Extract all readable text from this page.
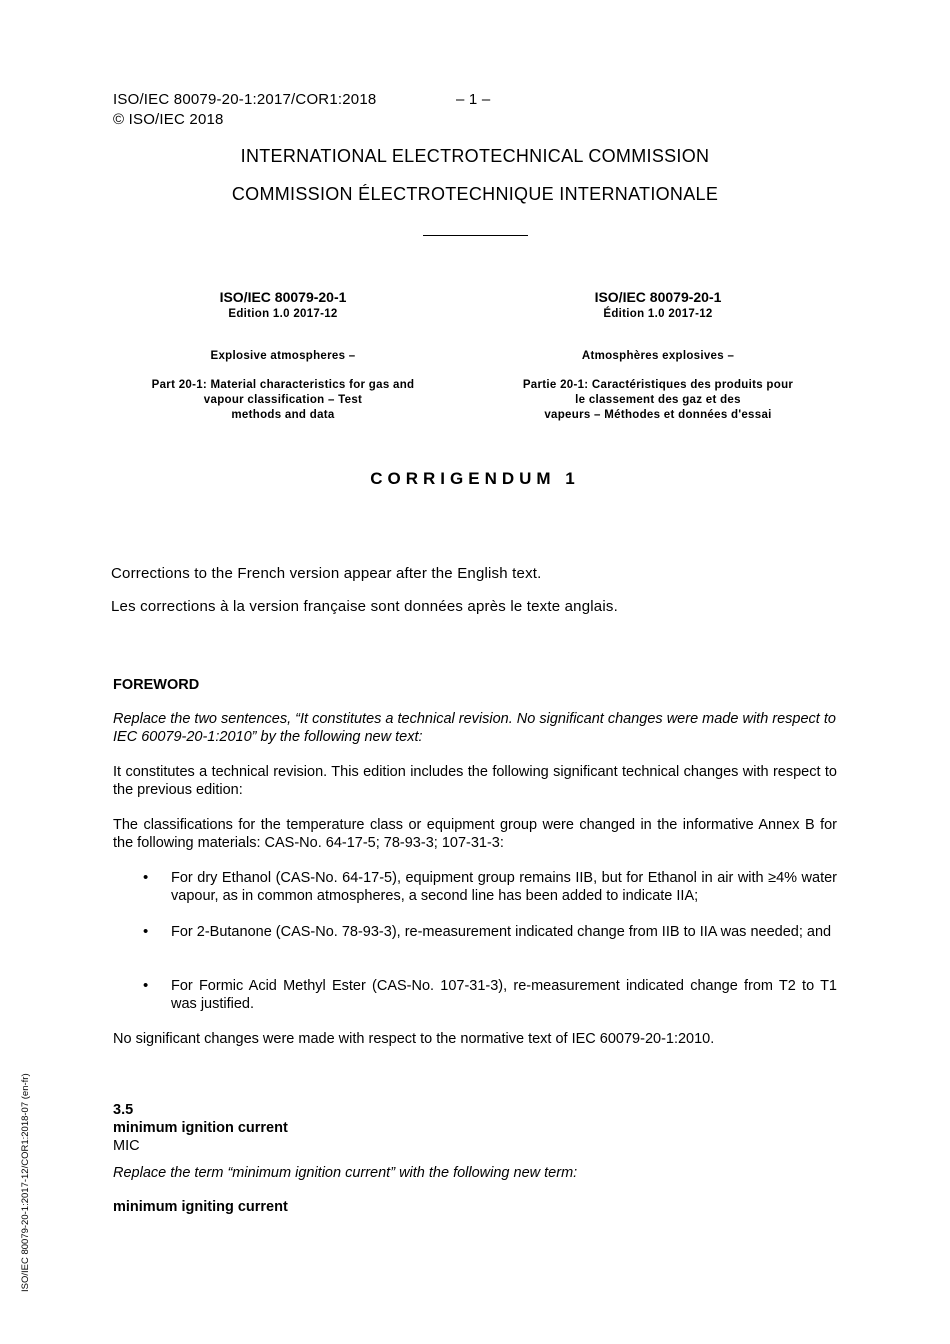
ISO/IEC 80079-20-1:2017/COR1:2018	– 1 –
© ISO/IEC 2018
INTERNATIONAL ELECTROTECHNICAL COMMISSION
COMMISSION ÉLECTROTECHNIQUE INTERNATIONALE
ISO/IEC 80079-20-1
Edition 1.0 2017-12
Explosive atmospheres –
Part 20-1: Material characteristics for gas and
vapour classification – Test
methods and data
ISO/IEC 80079-20-1
Édition 1.0 2017-12
Atmosphères explosives –
Partie 20-1: Caractéristiques des produits pour
le classement des gaz et des
vapeurs – Méthodes et données d'essai
CORRIGENDUM 1
Corrections to the French version appear after the English text.
Les corrections à la version française sont données après le texte anglais.
FOREWORD
Replace the two sentences, “It constitutes a technical revision. No significant changes were made with respect to IEC 60079-20-1:2010” by the following new text:
It constitutes a technical revision. This edition includes the following significant technical changes with respect to the previous edition:
The classifications for the temperature class or equipment group were changed in the informative Annex B for the following materials: CAS-No. 64-17-5; 78-93-3; 107-31-3:
• For dry Ethanol (CAS-No. 64-17-5), equipment group remains IIB, but for Ethanol in air with ≥4% water vapour, as in common atmospheres, a second line has been added to indicate IIA;
• For 2-Butanone (CAS-No. 78-93-3), re-measurement indicated change from IIB to IIA was needed; and
• For Formic Acid Methyl Ester (CAS-No. 107-31-3), re-measurement indicated change from T2 to T1 was justified.
No significant changes were made with respect to the normative text of IEC 60079-20-1:2010.
3.5
minimum ignition current
MIC
Replace the term “minimum ignition current” with the following new term:
minimum igniting current
ISO/IEC 80079-20-1:2017-12/COR1:2018-07 (en-fr)
